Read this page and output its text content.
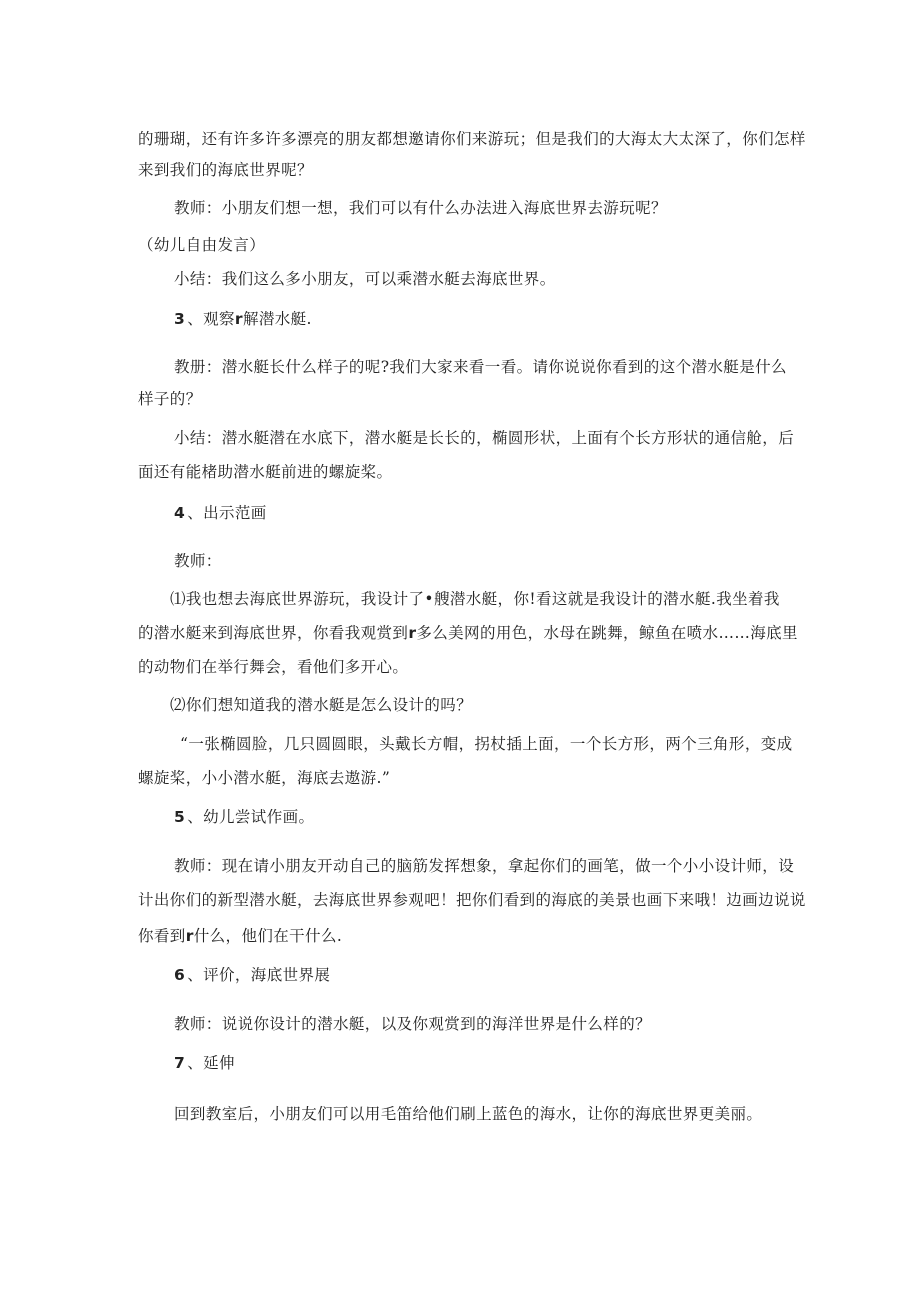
的珊瑚，还有许多许多漂亮的朋友都想邀请你们来游玩；但是我们的大海太大太深了，你们怎样
来到我们的海底世界呢？
教师：小朋友们想一想，我们可以有什么办法进入海底世界去游玩呢？
（幼儿自由发言）
小结：我们这么多小朋友，可以乘潜水艇去海底世界。
3 、观察r解潜水艇.
教册：潜水艇长什么样子的呢?我们大家来看一看。请你说说你看到的这个潜水艇是什么
样子的？
小结：潜水艇潜在水底下，潜水艇是长长的，椭圆形状，上面有个长方形状的通信舱，后
面还有能楮助潜水艇前进的螺旋桨。
4 、出示范画
教师：
⑴我也想去海底世界游玩，我设计了•艘潜水艇，你!看这就是我设计的潜水艇.我坐着我
的潜水艇来到海底世界，你看我观赏到r多么美网的用色，水母在跳舞，鲸鱼在喷水……海底里
的动物们在举行舞会，看他们多开心。
⑵你们想知道我的潜水艇是怎么设计的吗？
“一张椭圆脸，几只圆圆眼，头戴长方帽，拐杖插上面，一个长方形，两个三角形，变成
螺旋桨，小小潜水艇，海底去遨游.”
5 、幼儿尝试作画。
教师：现在请小朋友开动自己的脑筋发挥想象，拿起你们的画笔，做一个小小设计师，设
计出你们的新型潜水艇，去海底世界参观吧！把你们看到的海底的美景也画下来哦！边画边说说
你看到r什么，他们在干什么.
6 、评价，海底世界展
教师：说说你设计的潜水艇，以及你观赏到的海洋世界是什么样的？
7 、延伸
回到教室后，小朋友们可以用毛笛给他们刷上蓝色的海水，让你的海底世界更美丽。
